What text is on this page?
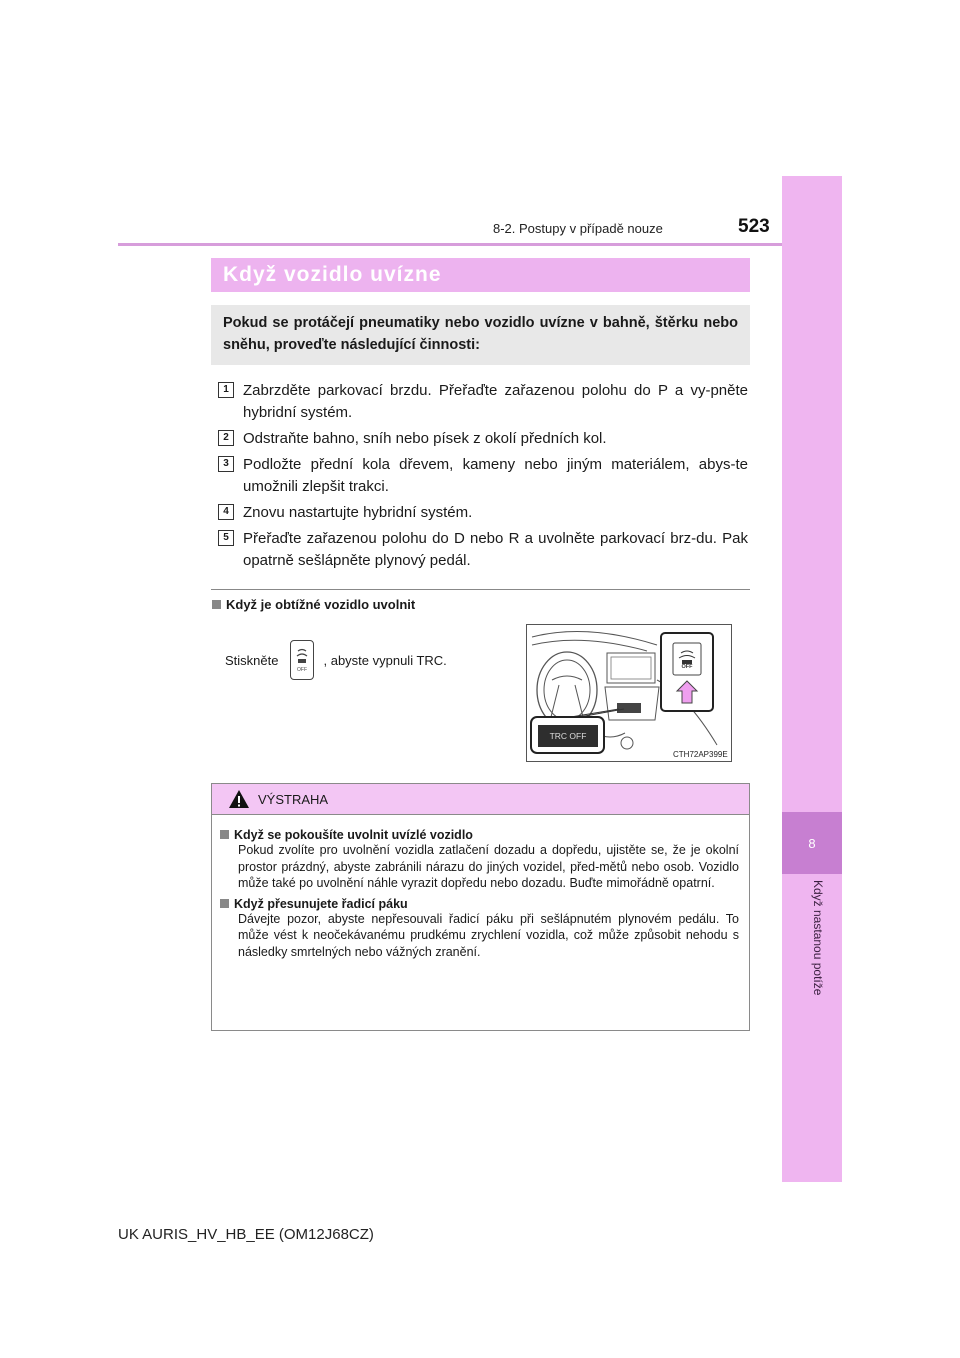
8
Když nastanou potíže
8-2. Postupy v případě nouze	523
Když vozidlo uvízne
Pokud se protáčejí pneumatiky nebo vozidlo uvízne v bahně, štěrku nebo sněhu, proveďte následující činnosti:
1 Zabrzděte parkovací brzdu. Přeřaďte zařazenou polohu do P a vy-pněte hybridní systém.
2 Odstraňte bahno, sníh nebo písek z okolí předních kol.
3 Podložte přední kola dřevem, kameny nebo jiným materiálem, abys-te umožnili zlepšit trakci.
4 Znovu nastartujte hybridní systém.
5 Přeřaďte zařazenou polohu do D nebo R a uvolněte parkovací brz-du. Pak opatrně sešlápněte plynový pedál.
Když je obtížné vozidlo uvolnit
Stiskněte
OFF
, abyste vypnuli TRC.
TRC OFF
OFF
CTH72AP399E
VÝSTRAHA
Když se pokoušíte uvolnit uvízlé vozidlo
Pokud zvolíte pro uvolnění vozidla zatlačení dozadu a dopředu, ujistěte se, že je okolní prostor prázdný, abyste zabránili nárazu do jiných vozidel, před-mětů nebo osob. Vozidlo může také po uvolnění náhle vyrazit dopředu nebo dozadu. Buďte mimořádně opatrní.
Když přesunujete řadicí páku
Dávejte pozor, abyste nepřesouvali řadicí páku při sešlápnutém plynovém pedálu. To může vést k neočekávanému prudkému zrychlení vozidla, což může způsobit nehodu s následky smrtelných nebo vážných zranění.
UK AURIS_HV_HB_EE (OM12J68CZ)
